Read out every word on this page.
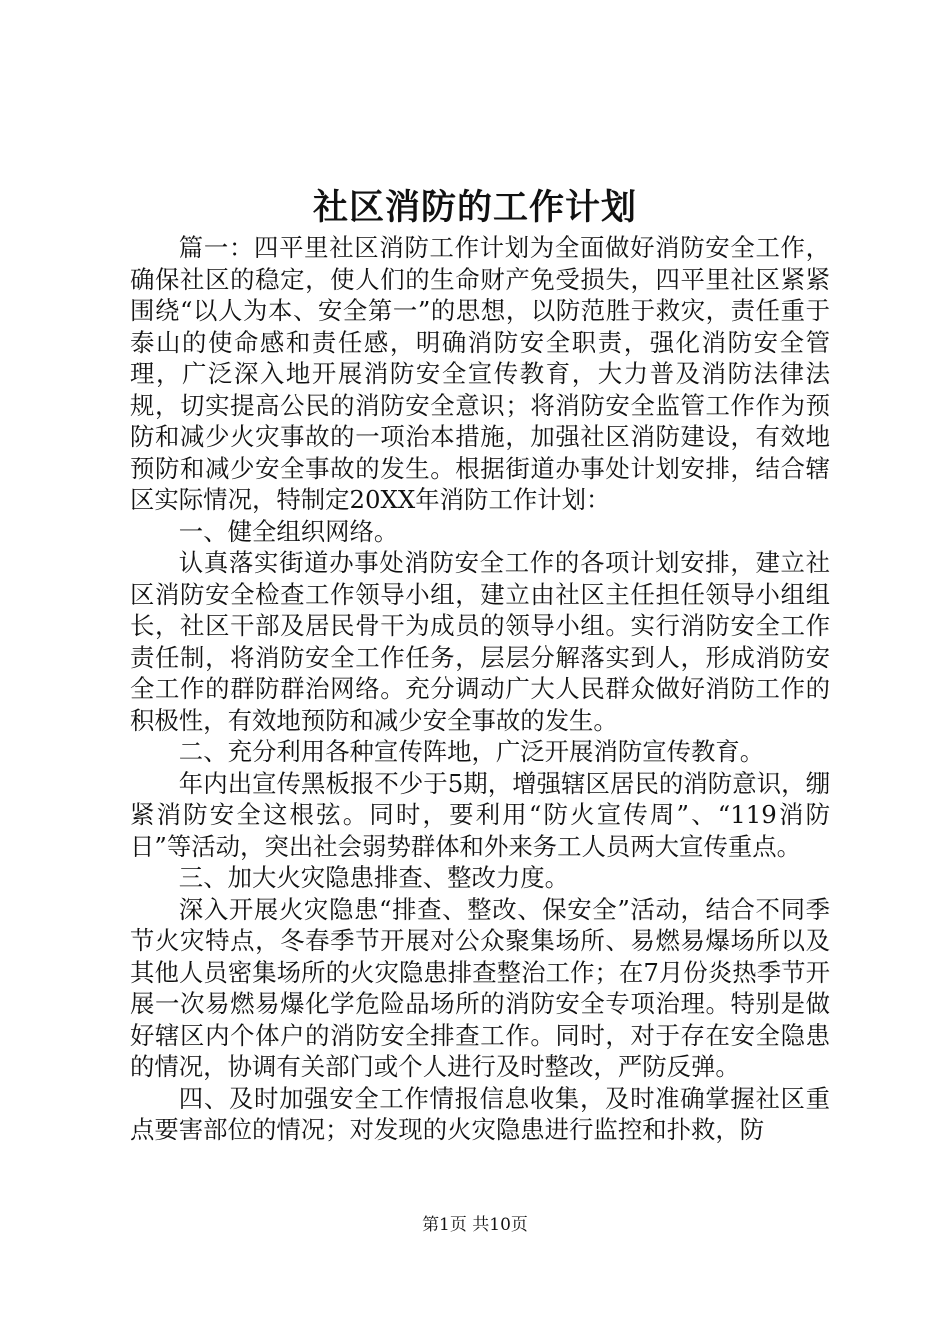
社区消防的工作计划

篇一：四平里社区消防工作计划为全面做好消防安全工作，确保社区的稳定，使人们的生命财产免受损失，四平里社区紧紧围绕“以人为本、安全第一”的思想，以防范胜于救灾，责任重于泰山的使命感和责任感，明确消防安全职责，强化消防安全管理，广泛深入地开展消防安全宣传教育，大力普及消防法律法规，切实提高公民的消防安全意识；将消防安全监管工作作为预防和减少火灾事故的一项治本措施，加强社区消防建设，有效地预防和减少安全事故的发生。根据街道办事处计划安排，结合辖区实际情况，特制定20XX年消防工作计划：

一、健全组织网络。

认真落实街道办事处消防安全工作的各项计划安排，建立社区消防安全检查工作领导小组，建立由社区主任担任领导小组组长，社区干部及居民骨干为成员的领导小组。实行消防安全工作责任制，将消防安全工作任务，层层分解落实到人，形成消防安全工作的群防群治网络。充分调动广大人民群众做好消防工作的积极性，有效地预防和减少安全事故的发生。

二、充分利用各种宣传阵地，广泛开展消防宣传教育。

年内出宣传黑板报不少于5期，增强辖区居民的消防意识，绷紧消防安全这根弦。同时，要利用“防火宣传周”、“119消防日”等活动，突出社会弱势群体和外来务工人员两大宣传重点。

三、加大火灾隐患排查、整改力度。

深入开展火灾隐患“排查、整改、保安全”活动，结合不同季节火灾特点，冬春季节开展对公众聚集场所、易燃易爆场所以及其他人员密集场所的火灾隐患排查整治工作；在7月份炎热季节开展一次易燃易爆化学危险品场所的消防安全专项治理。特别是做好辖区内个体户的消防安全排查工作。同时，对于存在安全隐患的情况，协调有关部门或个人进行及时整改，严防反弹。

四、及时加强安全工作情报信息收集，及时准确掌握社区重点要害部位的情况；对发现的火灾隐患进行监控和扑救，防

第1页 共10页
